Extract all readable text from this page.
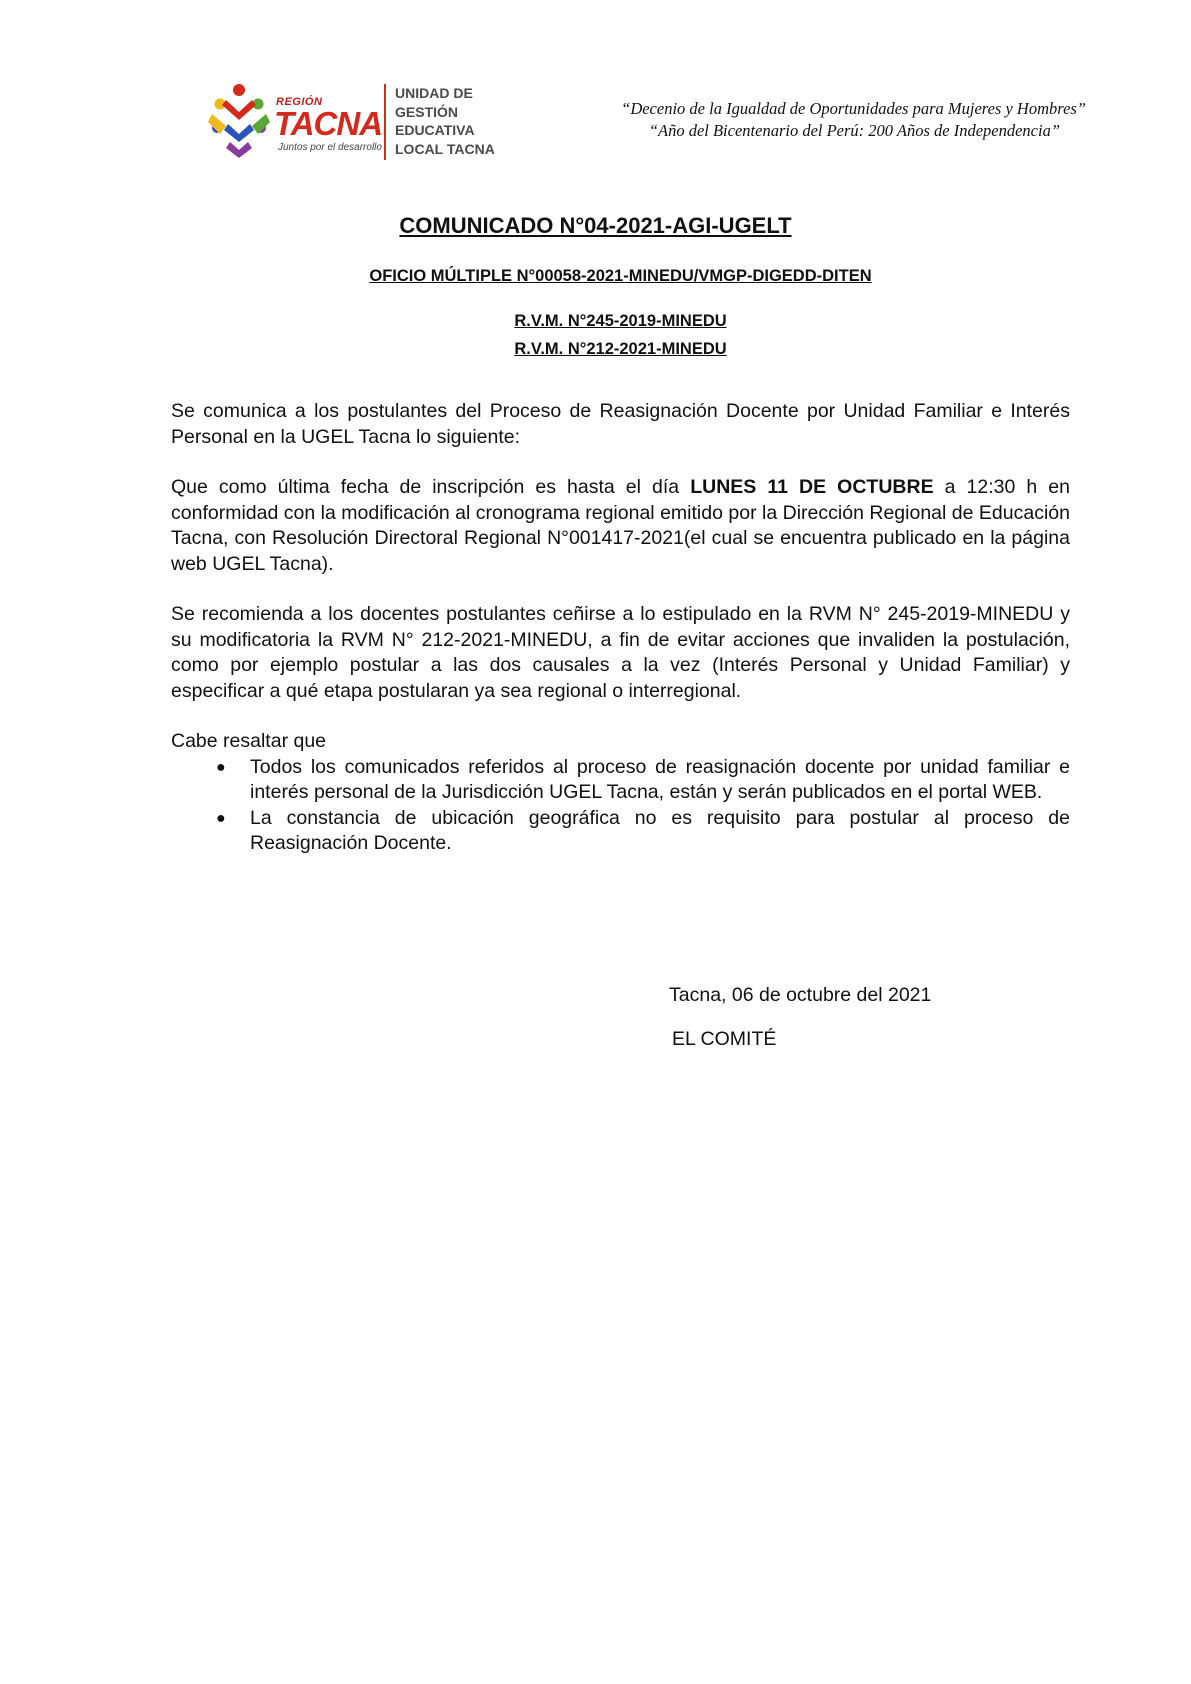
REGIÓN
TACNA
Juntos por el desarrollo
UNIDAD DE
GESTIÓN
EDUCATIVA
LOCAL TACNA
“Decenio de la Igualdad de Oportunidades para Mujeres y Hombres”
“Año del Bicentenario del Perú: 200 Años de Independencia”
COMUNICADO N°04-2021-AGI-UGELT
OFICIO MÚLTIPLE N°00058-2021-MINEDU/VMGP-DIGEDD-DITEN
R.V.M. N°245-2019-MINEDU
R.V.M. N°212-2021-MINEDU

Se comunica a los postulantes del Proceso de Reasignación Docente por Unidad Familiar e Interés Personal en la UGEL Tacna lo siguiente:

Que como última fecha de inscripción es hasta el día LUNES 11 DE OCTUBRE a 12:30 h en conformidad con la modificación al cronograma regional emitido por la Dirección Regional de Educación Tacna, con Resolución Directoral Regional N°001417-2021(el cual se encuentra publicado en la página web UGEL Tacna).

Se recomienda a los docentes postulantes ceñirse a lo estipulado en la RVM N° 245-2019-MINEDU y su modificatoria la RVM N° 212-2021-MINEDU, a fin de evitar acciones que invaliden la postulación, como por ejemplo postular a las dos causales a la vez (Interés Personal y Unidad Familiar) y especificar a qué etapa postularan ya sea regional o interregional.

Cabe resaltar que

● Todos los comunicados referidos al proceso de reasignación docente por unidad familiar e interés personal de la Jurisdicción UGEL Tacna, están y serán publicados en el portal WEB.
● La constancia de ubicación geográfica no es requisito para postular al proceso de Reasignación Docente.
Tacna, 06 de octubre del 2021
EL COMITÉ
